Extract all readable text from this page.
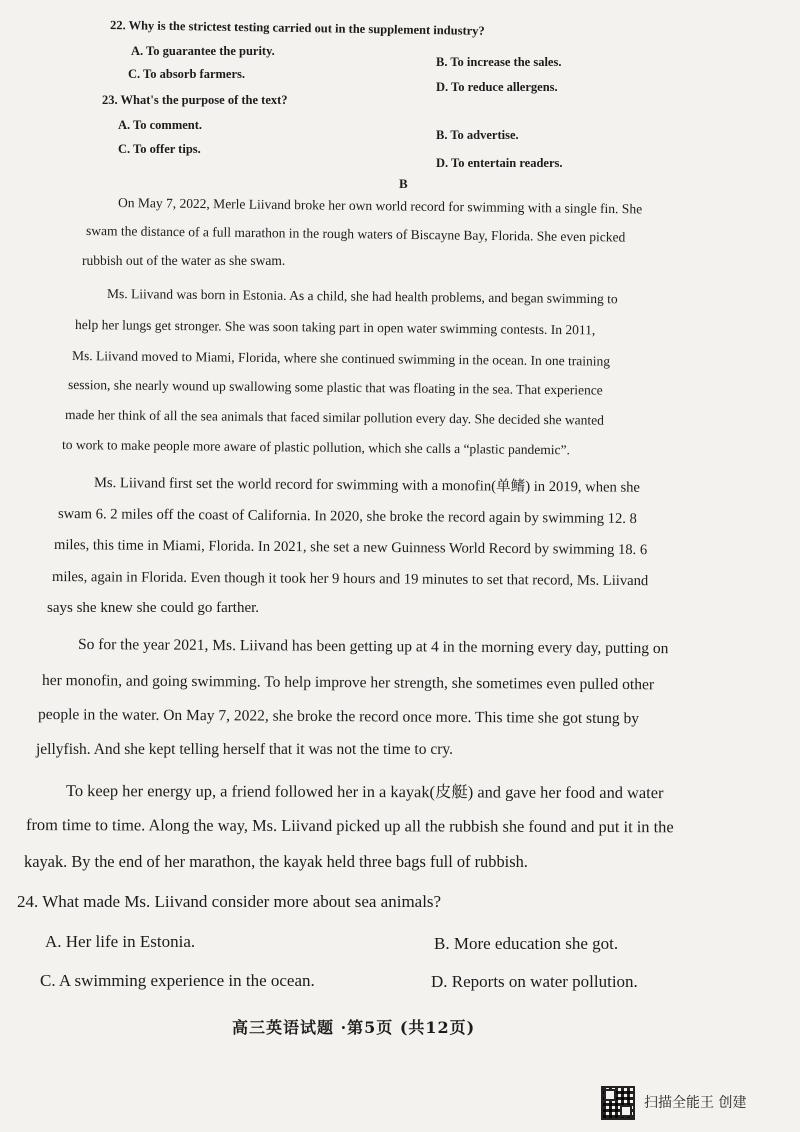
22. Why is the strictest testing carried out in the supplement industry?
A. To guarantee the purity.
B. To increase the sales.
C. To absorb farmers.
D. To reduce allergens.
23. What's the purpose of the text?
A. To comment.
B. To advertise.
C. To offer tips.
D. To entertain readers.
B
On May 7, 2022, Merle Liivand broke her own world record for swimming with a single fin. She
swam the distance of a full marathon in the rough waters of Biscayne Bay, Florida. She even picked
rubbish out of the water as she swam.
Ms. Liivand was born in Estonia. As a child, she had health problems, and began swimming to
help her lungs get stronger. She was soon taking part in open water swimming contests. In 2011,
Ms. Liivand moved to Miami, Florida, where she continued swimming in the ocean. In one training
session, she nearly wound up swallowing some plastic that was floating in the sea. That experience
made her think of all the sea animals that faced similar pollution every day. She decided she wanted
to work to make people more aware of plastic pollution, which she calls a “plastic pandemic”.
Ms. Liivand first set the world record for swimming with a monofin(单鳍) in 2019, when she
swam 6. 2 miles off the coast of California. In 2020, she broke the record again by swimming 12. 8
miles, this time in Miami, Florida. In 2021, she set a new Guinness World Record by swimming 18. 6
miles, again in Florida. Even though it took her 9 hours and 19 minutes to set that record, Ms. Liivand
says she knew she could go farther.
So for the year 2021, Ms. Liivand has been getting up at 4 in the morning every day, putting on
her monofin, and going swimming. To help improve her strength, she sometimes even pulled other
people in the water. On May 7, 2022, she broke the record once more. This time she got stung by
jellyfish. And she kept telling herself that it was not the time to cry.
To keep her energy up, a friend followed her in a kayak(皮艇) and gave her food and water
from time to time. Along the way, Ms. Liivand picked up all the rubbish she found and put it in the
kayak. By the end of her marathon, the kayak held three bags full of rubbish.
24. What made Ms. Liivand consider more about sea animals?
A. Her life in Estonia.	B. More education she got.
C. A swimming experience in the ocean.	D. Reports on water pollution.
高三英语试题 ·第5页 (共12页)
扫描全能王 创建
